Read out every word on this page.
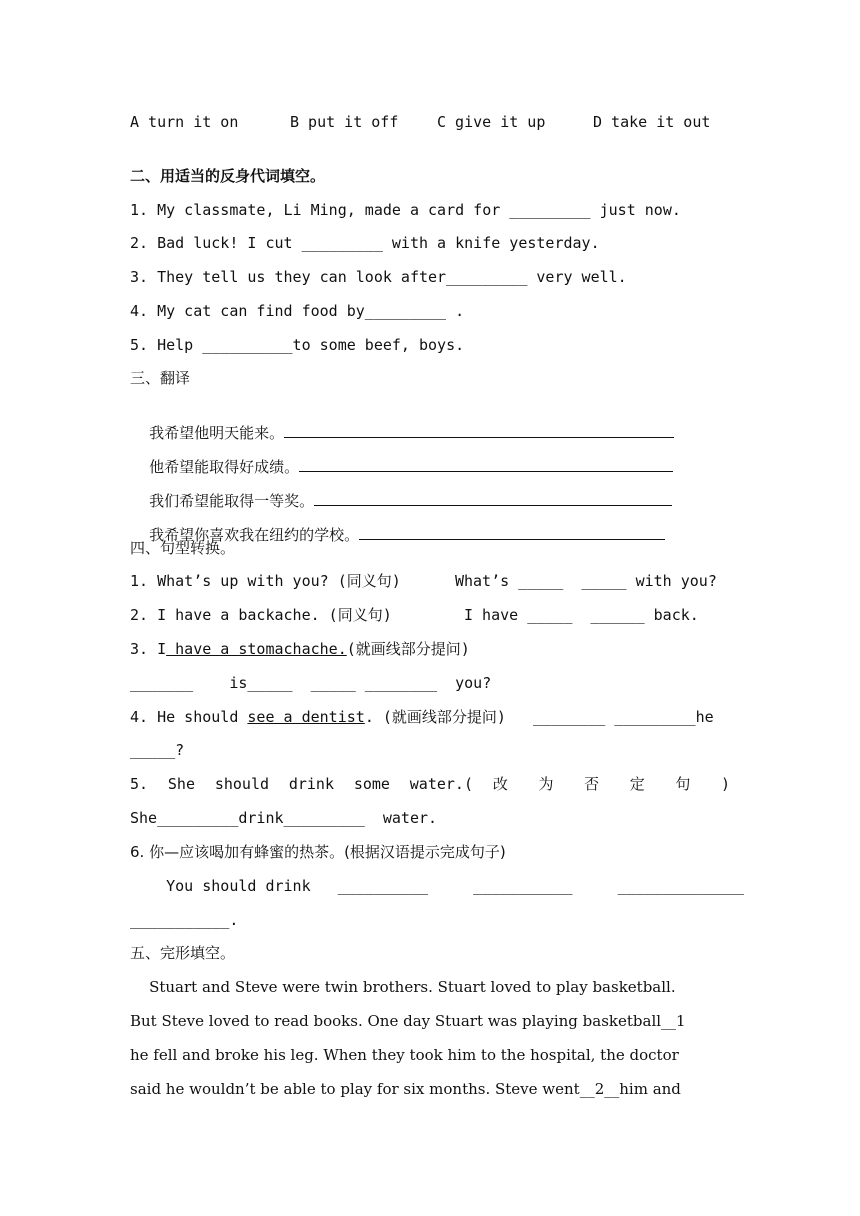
A turn it on	B put it off	C give it up	D take it out
二、用适当的反身代词填空。
1. My classmate, Li Ming, made a card for _________ just now.
2. Bad luck! I cut _________ with a knife yesterday.
3. They tell us they can look after_________ very well.
4. My cat can find food by_________ .
5. Help __________to some beef, boys.
三、翻译

我希望他明天能来。

他希望能取得好成绩。

我们希望能取得一等奖。

我希望你喜欢我在纽约的学校。

四、句型转换。
1. What’s up with you? (同义句)      What’s _____  _____ with you?
2. I have a backache. (同义句)        I have _____  ______ back.
3. I have a stomachache.(就画线部分提问)
_______    is_____  _____ ________  you?
4. He should see a dentist. (就画线部分提问)   ________ _________he
_____?
5. She should drink some water.( 改 为 否 定 句 )
She_________drink_________  water.
6. 你—应该喝加有蜂蜜的热茶。(根据汉语提示完成句子)
You should drink   __________     ___________     ______________
___________.
五、完形填空。
Stuart and Steve were twin brothers. Stuart loved to play basketball.
But Steve loved to read books. One day Stuart was playing basketball__1
he fell and broke his leg. When they took him to the hospital, the doctor
said he wouldn’t be able to play for six months. Steve went__2__him and
